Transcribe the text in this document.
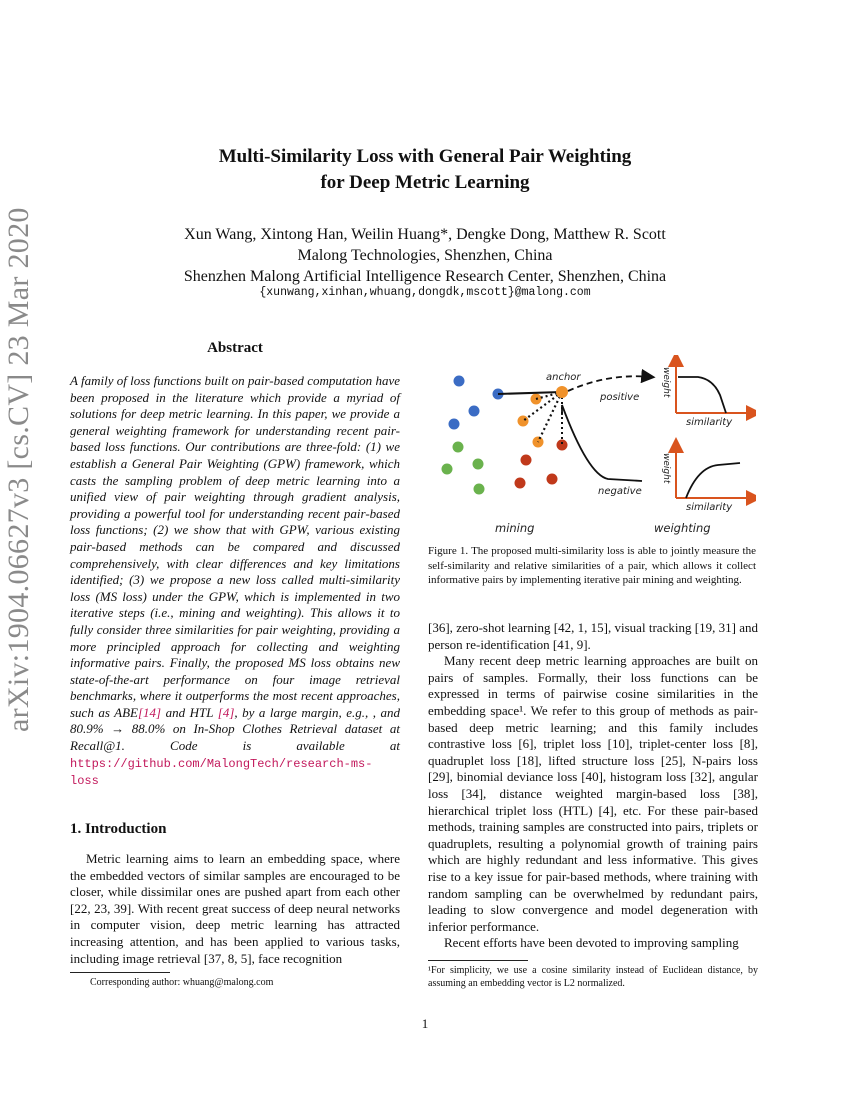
arXiv:1904.06627v3 [cs.CV] 23 Mar 2020
Multi-Similarity Loss with General Pair Weighting
for Deep Metric Learning
Xun Wang, Xintong Han, Weilin Huang*, Dengke Dong, Matthew R. Scott
Malong Technologies, Shenzhen, China
Shenzhen Malong Artificial Intelligence Research Center, Shenzhen, China
{xunwang,xinhan,whuang,dongdk,mscott}@malong.com
Abstract
A family of loss functions built on pair-based computation have been proposed in the literature which provide a myriad of solutions for deep metric learning. In this paper, we provide a general weighting framework for understanding recent pair-based loss functions. Our contributions are three-fold: (1) we establish a General Pair Weighting (GPW) framework, which casts the sampling problem of deep metric learning into a unified view of pair weighting through gradient analysis, providing a powerful tool for understanding recent pair-based loss functions; (2) we show that with GPW, various existing pair-based methods can be compared and discussed comprehensively, with clear differences and key limitations identified; (3) we propose a new loss called multi-similarity loss (MS loss) under the GPW, which is implemented in two iterative steps (i.e., mining and weighting). This allows it to fully consider three similarities for pair weighting, providing a more principled approach for collecting and weighting informative pairs. Finally, the proposed MS loss obtains new state-of-the-art performance on four image retrieval benchmarks, where it outperforms the most recent approaches, such as ABE[14] and HTL [4], by a large margin, e.g., , and 80.9% → 88.0% on In-Shop Clothes Retrieval dataset at Recall@1. Code is available at https://github.com/MalongTech/research-ms-loss
1. Introduction
Metric learning aims to learn an embedding space, where the embedded vectors of similar samples are encouraged to be closer, while dissimilar ones are pushed apart from each other [22, 23, 39]. With recent great success of deep neural networks in computer vision, deep metric learning has attracted increasing attention, and has been applied to various tasks, including image retrieval [37, 8, 5], face recognition
Corresponding author: whuang@malong.com
anchor
positive
negative
weight
similarity
weight
similarity
mining	weighting
Figure 1. The proposed multi-similarity loss is able to jointly measure the self-similarity and relative similarities of a pair, which allows it collect informative pairs by implementing iterative pair mining and weighting.

[36], zero-shot learning [42, 1, 15], visual tracking [19, 31] and person re-identification [41, 9].

Many recent deep metric learning approaches are built on pairs of samples. Formally, their loss functions can be expressed in terms of pairwise cosine similarities in the embedding space¹. We refer to this group of methods as pair-based deep metric learning; and this family includes contrastive loss [6], triplet loss [10], triplet-center loss [8], quadruplet loss [18], lifted structure loss [25], N-pairs loss [29], binomial deviance loss [40], histogram loss [32], angular loss [34], distance weighted margin-based loss [38], hierarchical triplet loss (HTL) [4], etc. For these pair-based methods, training samples are constructed into pairs, triplets or quadruplets, resulting a polynomial growth of training pairs which are highly redundant and less informative. This gives rise to a key issue for pair-based methods, where training with random sampling can be overwhelmed by redundant pairs, leading to slow convergence and model degeneration with inferior performance.

Recent efforts have been devoted to improving sampling

¹For simplicity, we use a cosine similarity instead of Euclidean distance, by assuming an embedding vector is L2 normalized.
1
